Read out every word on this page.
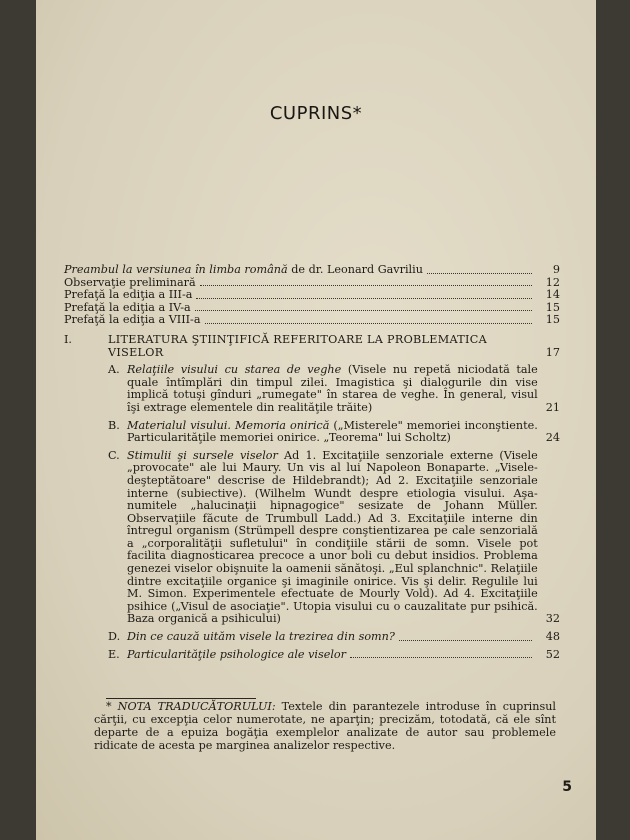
CUPRINS*
Preambul la versiunea în limba română de dr. Leonard Gavriliu	9
Observaţie preliminară	12
Prefaţă la ediţia a III-a	14
Prefaţă la ediţia a IV-a	15
Prefaţă la ediţia a VIII-a	15
I.	LITERATURA ŞTIINŢIFICĂ REFERITOARE LA PROBLEMATICA VISELOR	17
A. Relaţiile visului cu starea de veghe (Visele nu repetă niciodată tale quale întîmplări din timpul zilei. Imagistica şi dialogurile din vise implică totuşi gînduri „rumegate" în starea de veghe. În general, visul îşi extrage elementele din realităţile trăite)	21
B. Materialul visului. Memoria onirică („Misterele" memoriei inconştiente. Particularităţile memoriei onirice. „Teorema" lui Scholtz)	24
C. Stimulii şi sursele viselor Ad 1. Excitaţiile senzoriale externe (Visele „provocate" ale lui Maury. Un vis al lui Napoleon Bonaparte. „Visele-deşteptătoare" descrise de Hildebrandt); Ad 2. Excitaţiile senzoriale interne (subiective). (Wilhelm Wundt despre etiologia visului. Aşa-numitele „halucinaţii hipnagogice" sesizate de Johann Müller. Observaţiile făcute de Trumbull Ladd.) Ad 3. Excitaţiile interne din întregul organism (Strümpell despre conştientizarea pe cale senzorială a „corporalităţii sufletului" în condiţiile stării de somn. Visele pot facilita diagnosticarea precoce a unor boli cu debut insidios. Problema genezei viselor obişnuite la oamenii sănătoşi. „Eul splanchnic". Relaţiile dintre excitaţiile organice şi imaginile onirice. Vis şi delir. Regulile lui M. Simon. Experimentele efectuate de Mourly Vold). Ad 4. Excitaţiile psihice („Visul de asociaţie". Utopia visului cu o cauzalitate pur psihică. Baza organică a psihicului)	32
D. Din ce cauză uităm visele la trezirea din somn?	48
E. Particularităţile psihologice ale viselor	52
* NOTA TRADUCĂTORULUI: Textele din parantezele introduse în cuprinsul cărţii, cu excepţia celor numerotate, ne aparţin; precizăm, totodată, că ele sînt departe de a epuiza bogăţia exemplelor analizate de autor sau problemele ridicate de acesta pe marginea analizelor respective.
5
